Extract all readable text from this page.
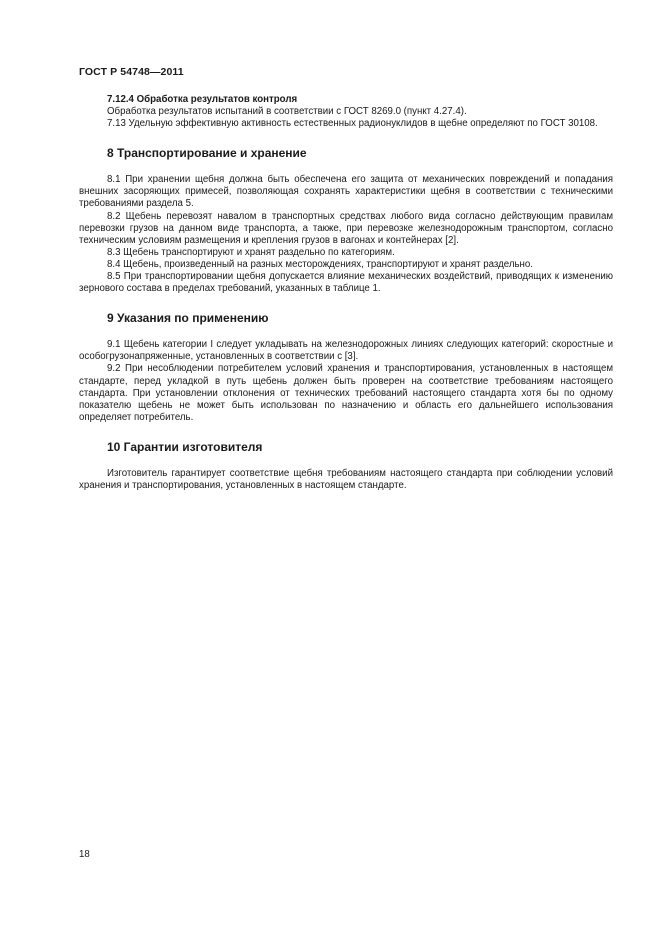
ГОСТ Р 54748—2011
7.12.4 Обработка результатов контроля

Обработка результатов испытаний в соответствии с ГОСТ 8269.0 (пункт 4.27.4).

7.13 Удельную эффективную активность естественных радионуклидов в щебне определяют по ГОСТ 30108.

8 Транспортирование и хранение

8.1 При хранении щебня должна быть обеспечена его защита от механических повреждений и попадания внешних засоряющих примесей, позволяющая сохранять характеристики щебня в соответствии с техническими требованиями раздела 5.

8.2 Щебень перевозят навалом в транспортных средствах любого вида согласно действующим правилам перевозки грузов на данном виде транспорта, а также, при перевозке железнодорожным транспортом, согласно техническим условиям размещения и крепления грузов в вагонах и контейнерах [2].

8.3 Щебень транспортируют и хранят раздельно по категориям.

8.4 Щебень, произведенный на разных месторождениях, транспортируют и хранят раздельно.

8.5 При транспортировании щебня допускается влияние механических воздействий, приводящих к изменению зернового состава в пределах требований, указанных в таблице 1.

9 Указания по применению

9.1 Щебень категории I следует укладывать на железнодорожных линиях следующих категорий: скоростные и особогрузонапряженные, установленных в соответствии с [3].

9.2 При несоблюдении потребителем условий хранения и транспортирования, установленных в настоящем стандарте, перед укладкой в путь щебень должен быть проверен на соответствие требованиям настоящего стандарта. При установлении отклонения от технических требований настоящего стандарта хотя бы по одному показателю щебень не может быть использован по назначению и область его дальнейшего использования определяет потребитель.

10 Гарантии изготовителя

Изготовитель гарантирует соответствие щебня требованиям настоящего стандарта при соблюдении условий хранения и транспортирования, установленных в настоящем стандарте.

18
